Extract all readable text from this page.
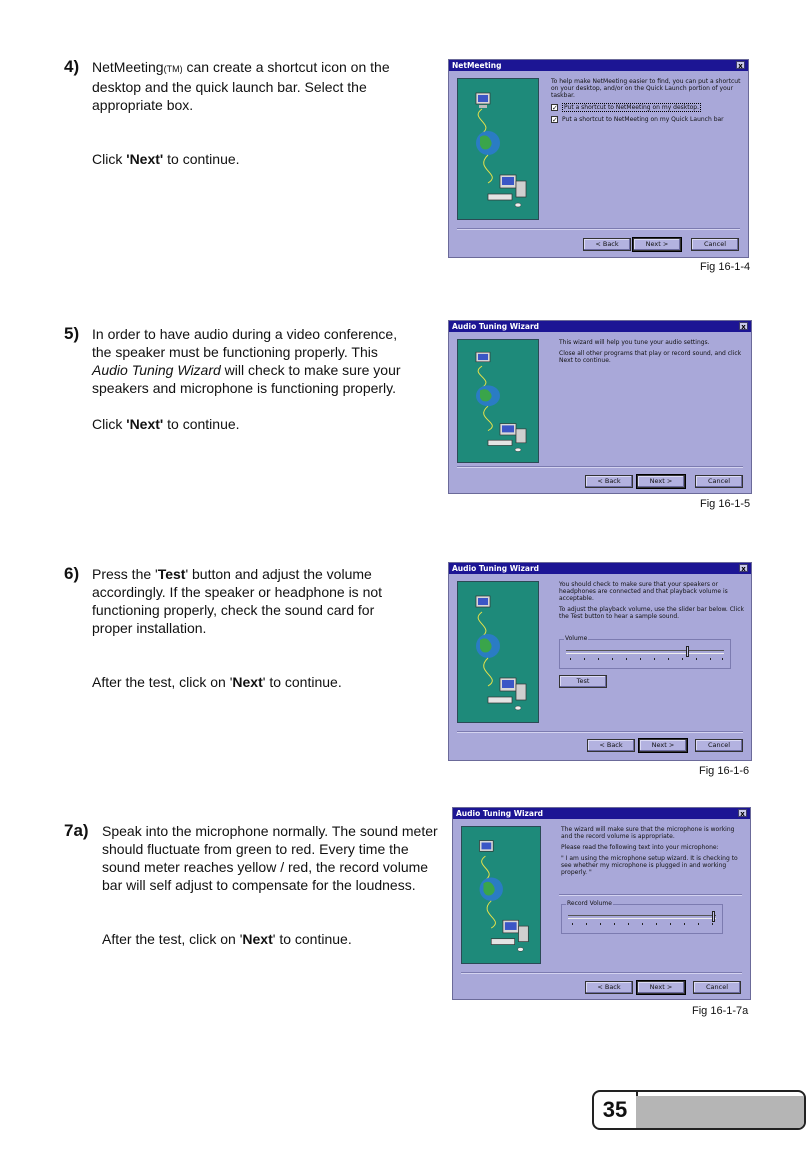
4) NetMeeting(TM) can create a shortcut icon on the desktop and the quick launch bar. Select the appropriate box.

Click 'Next' to continue.

NetMeeting	x

To help make NetMeeting easier to find, you can put a shortcut on your desktop, and/or on the Quick Launch portion of your taskbar.

✓	Put a shortcut to NetMeeting on my desktop.
✓ Put a shortcut to NetMeeting on my Quick Launch bar
< Back	Next >	Cancel
Fig 16-1-4
5) In order to have audio during a video conference, the speaker must be functioning properly. This Audio Tuning Wizard will check to make sure your speakers and microphone is functioning properly.

Click 'Next' to continue.

Audio Tuning Wizard	x

This wizard will help you tune your audio settings.

Close all other programs that play or record sound, and click Next to continue.

< Back	Next >	Cancel
Fig 16-1-5
6) Press the 'Test' button and adjust the volume accordingly. If the speaker or headphone is not functioning properly, check the sound card for proper installation.

After the test, click on 'Next' to continue.

Audio Tuning Wizard	x

You should check to make sure that your speakers or headphones are connected and that playback volume is acceptable.

To adjust the playback volume, use the slider bar below. Click the Test button to hear a sample sound.

Volume
Test
< Back	Next >	Cancel
Fig 16-1-6
7a) Speak into the microphone normally. The sound meter should fluctuate from green to red. Every time the sound meter reaches yellow / red, the record volume bar will self adjust to compensate for the loudness.

After the test, click on 'Next' to continue.

Audio Tuning Wizard	x

The wizard will make sure that the microphone is working and the record volume is appropriate.

Please read the following text into your microphone:

" I am using the microphone setup wizard. It is checking to see whether my microphone is plugged in and working properly. "

Record Volume
< Back	Next >	Cancel
Fig 16-1-7a
35
